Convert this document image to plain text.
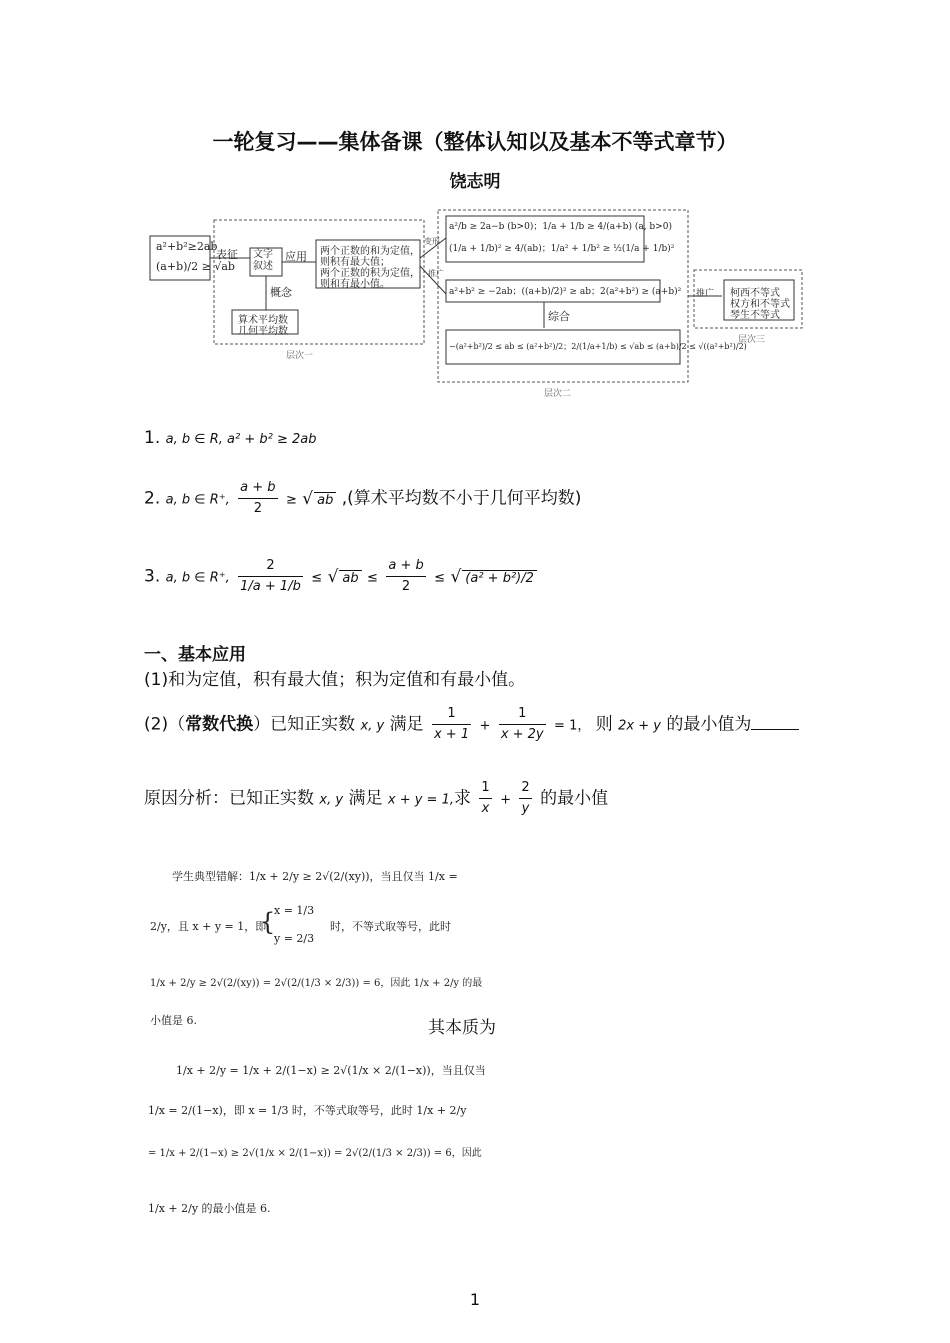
一轮复习——集体备课（整体认知以及基本不等式章节）
饶志明
a²+b²≥2ab
(a+b)/2 ≥ √ab
表征 文字叙述
应用 两个正数的和为定值，
则积有最大值；
两个正数的积为定值，
则和有最小值。
概念
算术平均数
几何平均数
层次一
变形
推广
a²/b ≥ 2a−b (b>0)；1/a + 1/b ≥ 4/(a+b) (a, b>0)
(1/a + 1/b)² ≥ 4/(ab)；1/a² + 1/b² ≥ ½(1/a + 1/b)²
a²+b² ≥ −2ab；((a+b)/2)² ≥ ab；2(a²+b²) ≥ (a+b)²
综合
−(a²+b²)/2 ≤ ab ≤ (a²+b²)/2；2/(1/a+1/b) ≤ √ab ≤ (a+b)/2 ≤ √((a²+b²)/2)
层次二
推广 柯西不等式
权方和不等式
琴生不等式
层次三
1. a, b ∈ R, a² + b² ≥ 2ab
2. a, b ∈ R⁺, $\frac{a + b}{2}$ ≥ √ ab ,(算术平均数不小于几何平均数)
3. a, b ∈ R⁺, $\frac{2}{1/a + 1/b}$ ≤ √ ab ≤ $\frac{a + b}{2}$ ≤ √ (a² + b²)/2
一、基本应用
(1)和为定值，积有最大值；积为定值和有最小值。
(2)（常数代换）已知正实数 x, y 满足 $\frac{1}{x + 1} + \frac{1}{x + 2y} = 1$， 则 2x + y 的最小值为
原因分析：已知正实数 x, y 满足 x + y = 1,求 $\frac{1}{x} + \frac{2}{y}$ 的最小值
学生典型错解：1/x + 2/y ≥ 2√(2/(xy))，当且仅当 1/x =
2/y，且 x + y = 1，即
{
x = 1/3
y = 2/3
时，不等式取等号，此时
1/x + 2/y ≥ 2√(2/(xy)) = 2√(2/(1/3 × 2/3)) = 6，因此 1/x + 2/y 的最
小值是 6.	其本质为
1/x + 2/y = 1/x + 2/(1−x) ≥ 2√(1/x × 2/(1−x))，当且仅当
1/x = 2/(1−x)，即 x = 1/3 时，不等式取等号，此时 1/x + 2/y
= 1/x + 2/(1−x) ≥ 2√(1/x × 2/(1−x)) = 2√(2/(1/3 × 2/3)) = 6，因此
1/x + 2/y 的最小值是 6.
1
